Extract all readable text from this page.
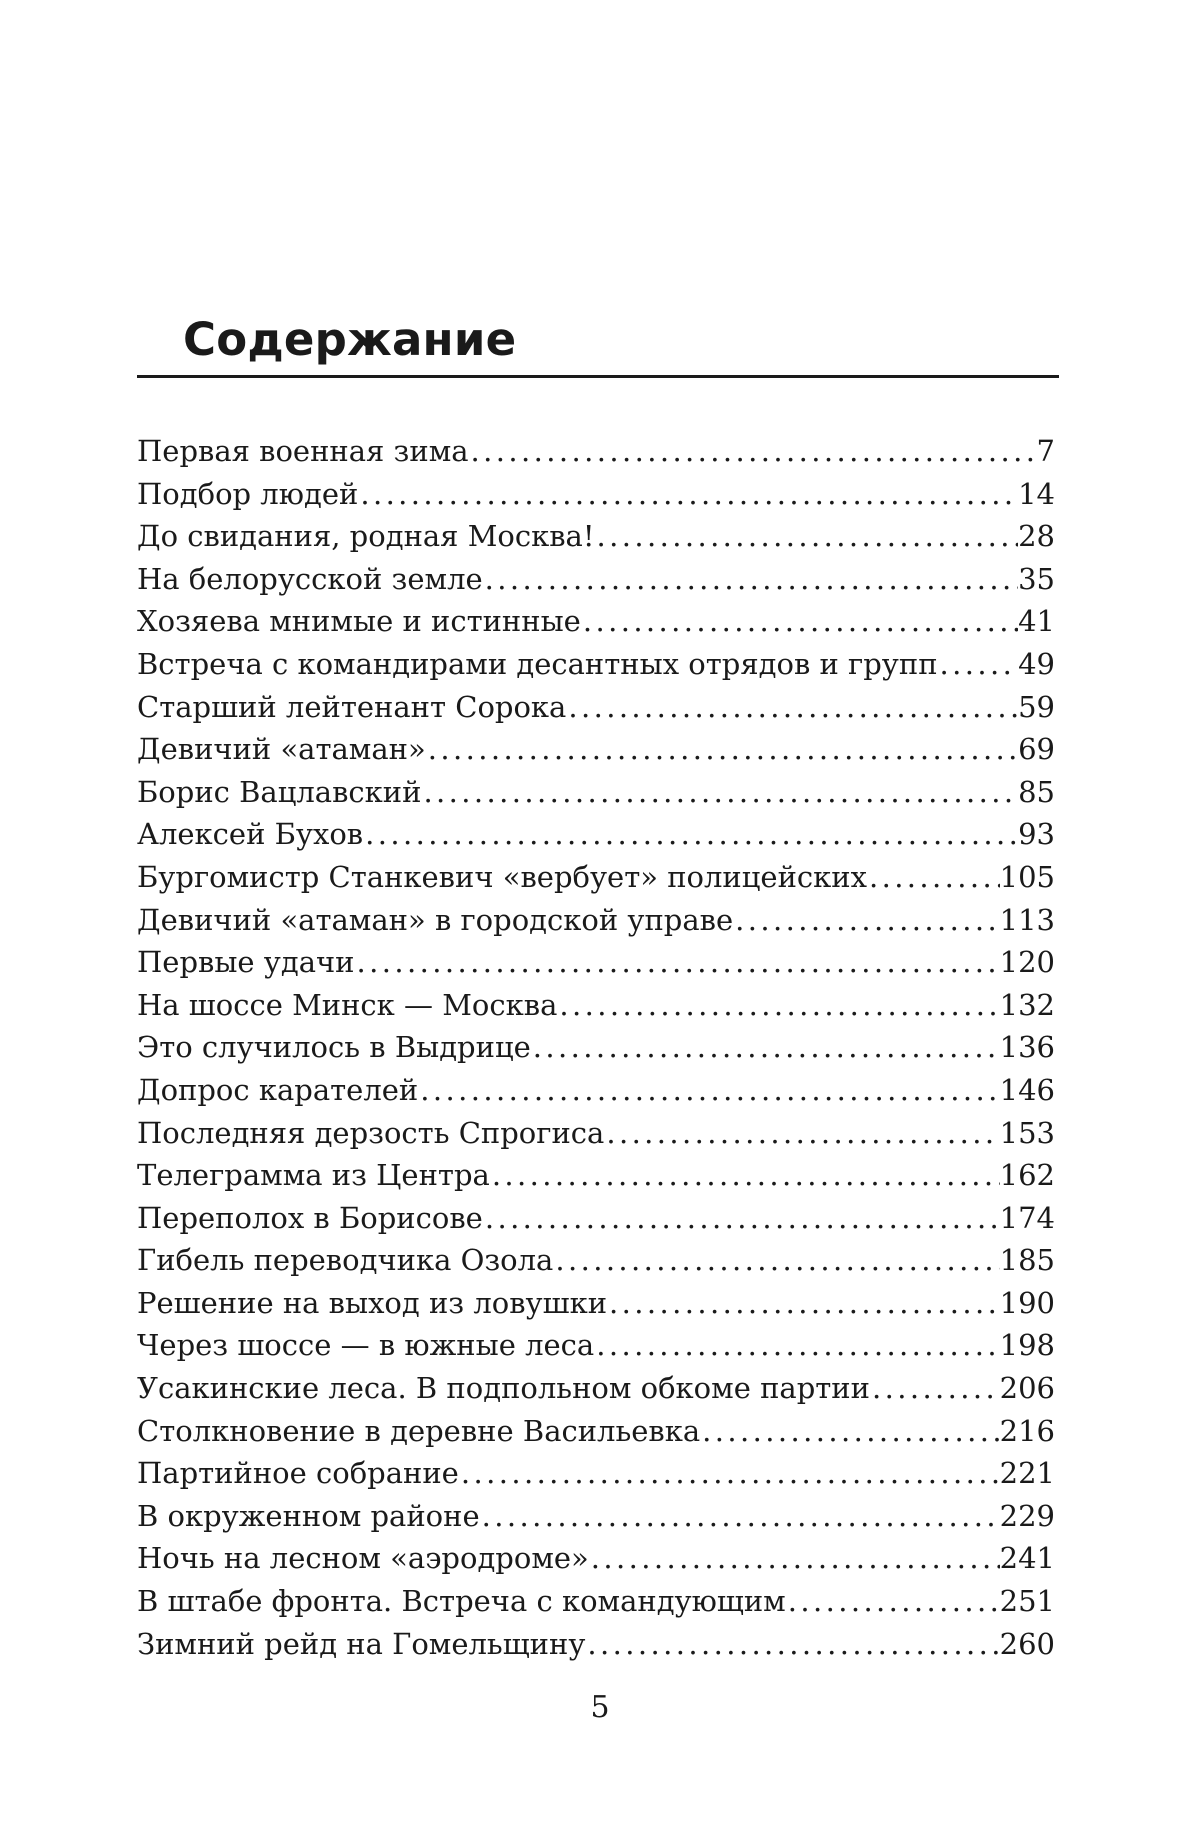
Содержание
Первая военная зима .....	7
Подбор людей .....	14
До свидания, родная Москва! .....	28
На белорусской земле .....	35
Хозяева мнимые и истинные .....	41
Встреча с командирами десантных отрядов и групп .....	49
Старший лейтенант Сорока .....	59
Девичий «атаман» .....	69
Борис Вацлавский .....	85
Алексей Бухов .....	93
Бургомистр Станкевич «вербует» полицейских .....	105
Девичий «атаман» в городской управе .....	113
Первые удачи .....	120
На шоссе Минск — Москва .....	132
Это случилось в Выдрице .....	136
Допрос карателей .....	146
Последняя дерзость Спрогиса .....	153
Телеграмма из Центра .....	162
Переполох в Борисове .....	174
Гибель переводчика Озола .....	185
Решение на выход из ловушки .....	190
Через шоссе — в южные леса .....	198
Усакинские леса. В подпольном обкоме партии .....	206
Столкновение в деревне Васильевка .....	216
Партийное собрание .....	221
В окруженном районе .....	229
Ночь на лесном «аэродроме» .....	241
В штабе фронта. Встреча с командующим .....	251
Зимний рейд на Гомельщину .....	260
5
